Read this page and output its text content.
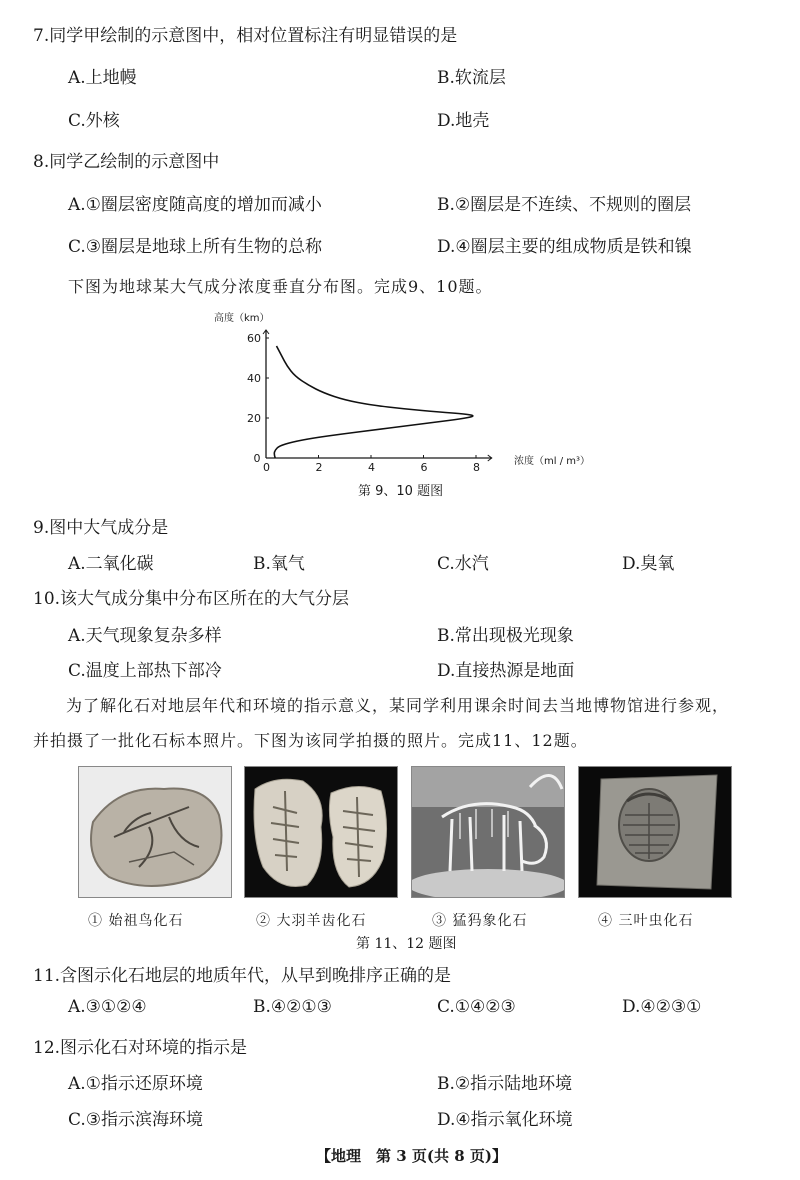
7.同学甲绘制的示意图中，相对位置标注有明显错误的是
A.上地幔	B.软流层
C.外核	D.地壳
8.同学乙绘制的示意图中
A.①圈层密度随高度的增加而减小	B.②圈层是不连续、不规则的圈层
C.③圈层是地球上所有生物的总称	D.④圈层主要的组成物质是铁和镍
下图为地球某大气成分浓度垂直分布图。完成9、10题。
高度（km）
浓度（ml / m³）
0	2	4	6	8
0
20
40
60
第 9、10 题图
9.图中大气成分是
A.二氧化碳	B.氧气	C.水汽	D.臭氧
10.该大气成分集中分布区所在的大气分层
A.天气现象复杂多样	B.常出现极光现象
C.温度上部热下部冷	D.直接热源是地面
为了解化石对地层年代和环境的指示意义，某同学利用课余时间去当地博物馆进行参观，
并拍摄了一批化石标本照片。下图为该同学拍摄的照片。完成11、12题。
① 始祖鸟化石	② 大羽羊齿化石	③ 猛犸象化石	④ 三叶虫化石
第 11、12 题图
11.含图示化石地层的地质年代，从早到晚排序正确的是
A.③①②④	B.④②①③	C.①④②③	D.④②③①
12.图示化石对环境的指示是
A.①指示还原环境	B.②指示陆地环境
C.③指示滨海环境	D.④指示氧化环境
【地理　第 3 页(共 8 页)】
